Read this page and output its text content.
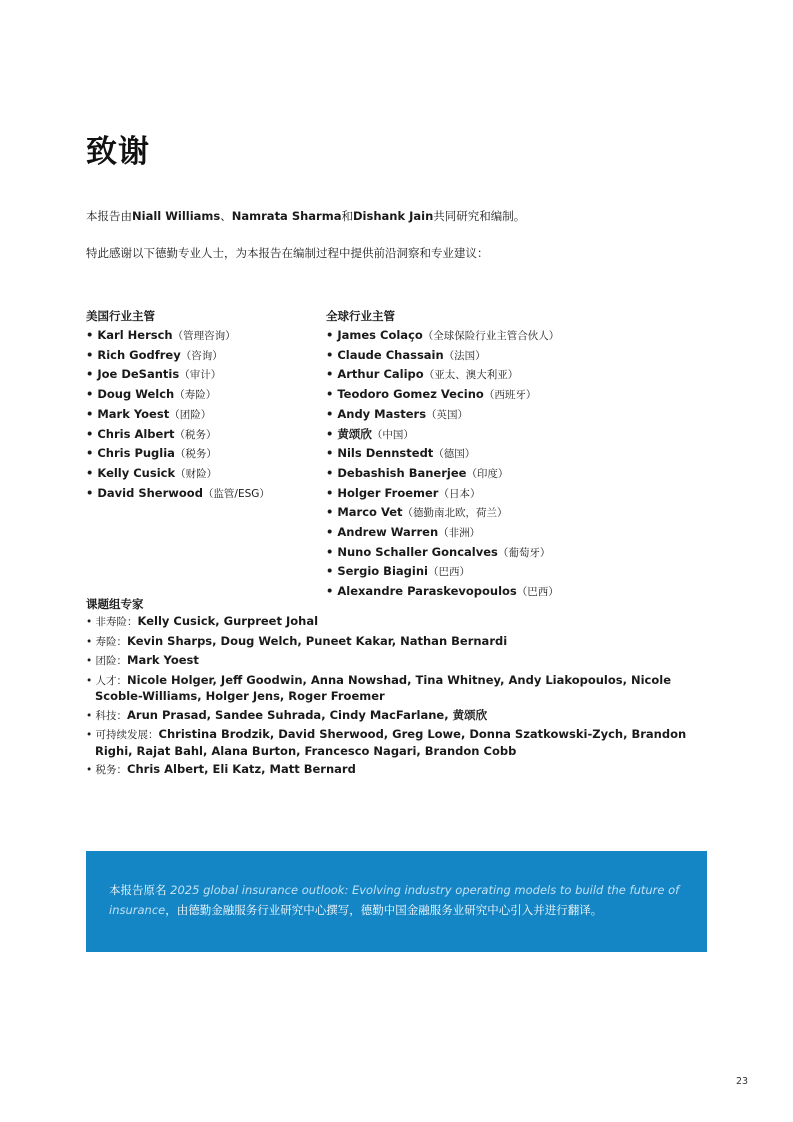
致谢

本报告由Niall Williams、Namrata Sharma和Dishank Jain共同研究和编制。

特此感谢以下德勤专业人士，为本报告在编制过程中提供前沿洞察和专业建议：

美国行业主管
• Karl Hersch（管理咨询）
• Rich Godfrey（咨询）
• Joe DeSantis（审计）
• Doug Welch（寿险）
• Mark Yoest（团险）
• Chris Albert（税务）
• Chris Puglia（税务）
• Kelly Cusick（财险）
• David Sherwood（监管/ESG）
全球行业主管
• James Colaço（全球保险行业主管合伙人）
• Claude Chassain（法国）
• Arthur Calipo（亚太、澳大利亚）
• Teodoro Gomez Vecino（西班牙）
• Andy Masters（英国）
• 黄颂欣（中国）
• Nils Dennstedt（德国）
• Debashish Banerjee（印度）
• Holger Froemer（日本）
• Marco Vet（德勤南北欧，荷兰）
• Andrew Warren（非洲）
• Nuno Schaller Goncalves（葡萄牙）
• Sergio Biagini（巴西）
• Alexandre Paraskevopoulos（巴西）
课题组专家
• 非寿险：Kelly Cusick, Gurpreet Johal
• 寿险：Kevin Sharps, Doug Welch, Puneet Kakar, Nathan Bernardi
• 团险：Mark Yoest
• 人才：Nicole Holger, Jeff Goodwin, Anna Nowshad, Tina Whitney, Andy Liakopoulos, Nicole Scoble-Williams, Holger Jens, Roger Froemer
• 科技：Arun Prasad, Sandee Suhrada, Cindy MacFarlane, 黄颂欣
• 可持续发展：Christina Brodzik, David Sherwood, Greg Lowe, Donna Szatkowski-Zych, Brandon Righi, Rajat Bahl, Alana Burton, Francesco Nagari, Brandon Cobb
• 税务：Chris Albert, Eli Katz, Matt Bernard
本报告原名 2025 global insurance outlook: Evolving industry operating models to build the future of insurance，由德勤金融服务行业研究中心撰写，德勤中国金融服务业研究中心引入并进行翻译。
23
